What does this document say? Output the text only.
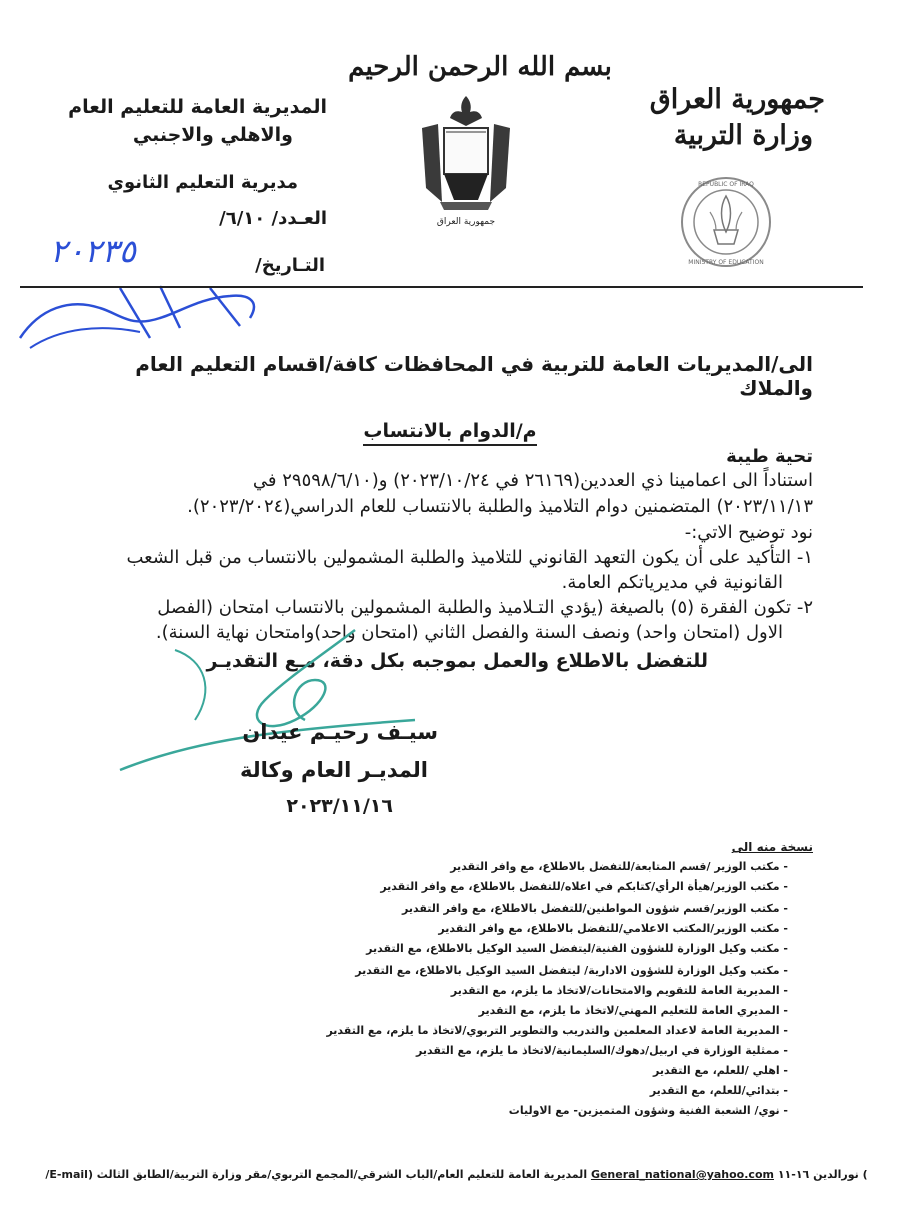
بسم الله الرحمن الرحيم
جمهورية العراق
وزارة التربية
المديرية العامة للتعليم العام
والاهلي والاجنبي
مديرية التعليم الثانوي
العـدد/ ٦/١٠/
التـاريخ/
جمهورية العراق
REPUBLIC OF IRAQ
MINISTRY OF EDUCATION
٢٠٢٣٥
الى/المديريات العامة للتربية في المحافظات كافة/اقسام التعليم العام والملاك
م/الدوام بالانتساب
تحية طيبة
استناداً الى اعمامينا ذي العددين(٢٦١٦٩ في ٢٠٢٣/١٠/٢٤) و(٢٩٥٩٨/٦/١٠ في
٢٠٢٣/١١/١٣) المتضمنين دوام التلاميذ والطلبة بالانتساب للعام الدراسي(٢٠٢٣/٢٠٢٤).
نود توضيح الاتي:-
١- التأكيد على أن يكون التعهد القانوني للتلاميذ والطلبة المشمولين بالانتساب من قبل الشعب
القانونية في مديرياتكم العامة.
٢- تكون الفقرة (٥) بالصيغة (يؤدي التـلاميذ والطلبة المشمولين بالانتساب امتحان (الفصل
الاول (امتحان واحد) ونصف السنة والفصل الثاني (امتحان واحد)وامتحان نهاية السنة).
للتفضل بالاطلاع والعمل بموجبه بكل دقة، مـع التقديـر
سيـف رحيـم عيدان
المديـر العام وكالة
٢٠٢٣/١١/١٦
نسخة منه الى
- مكتب الوزير /قسم المتابعة/للتفضل بالاطلاع، مع وافر التقدير
- مكتب الوزير/هيأة الرأي/كتابكم في اعلاه/للتفضل بالاطلاع، مع وافر التقدير
- مكتب الوزير/قسم شؤون المواطنين/للتفضل بالاطلاع، مع وافر التقدير
- مكتب الوزير/المكتب الاعلامي/للتفضل بالاطلاع، مع وافر التقدير
- مكتب وكيل الوزارة للشؤون الفنية/ليتفضل السيد الوكيل بالاطلاع، مع التقدير
- مكتب وكيل الوزارة للشؤون الادارية/ ليتفضل السيد الوكيل بالاطلاع، مع التقدير
- المديرية العامة للتقويم والامتحانات/لاتخاذ ما يلزم، مع التقدير
- المديري العامة للتعليم المهني/لاتخاذ ما يلزم، مع التقدير
- المديرية العامة لاعداد المعلمين والتدريب والتطوير التربوي/لاتخاذ ما يلزم، مع التقدير
- ممثلية الوزارة في اربيل/دهوك/السليمانية/لاتخاذ ما يلزم، مع التقدير
- اهلي /للعلم، مع التقدير
- بتدائي/للعلم، مع التقدير
- نوي/ الشعبة الفنية وشؤون المتميزين- مع الاوليات
المديرية العامة للتعليم العام/الباب الشرقي/المجمع التربوي/مقر وزارة التربية/الطابق الثالث (E-mail/ General_national@yahoo.com ) نورالدين ١٦-١١
